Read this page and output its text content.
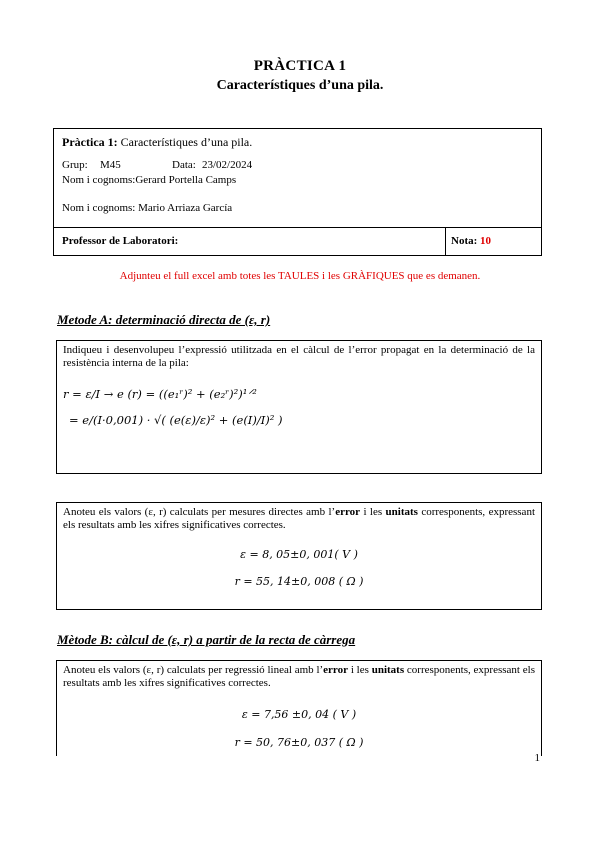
PRÀCTICA 1
Característiques d’una pila.
Pràctica 1: Característiques d’una pila.
Grup: M45	Data: 23/02/2024
Nom i cognoms:Gerard Portella Camps
Nom i cognoms: Mario Arriaza García
Professor de Laboratori:	Nota: 10
Adjunteu el full excel amb totes les TAULES i les GRÀFIQUES que es demanen.
Metode A: determinació directa de (ε, r)
Indiqueu i desenvolupeu l’expressió utilitzada en el càlcul de l’error propagat en la determinació de la resistència interna de la pila:
r = ε/I → e (r) = ((e₁ʳ)² + (e₂ʳ)²)¹ᐟ²
= e/(I·0,001) · √( (e(ε)/ε)² + (e(I)/I)² )
Anoteu els valors (ε, r) calculats per mesures directes amb l’error i les unitats corresponents, expressant els resultats amb les xifres significatives correctes.
ε = 8, 05±0, 001( V )
r = 55, 14±0, 008 ( Ω )
Mètode B: càlcul de (ε, r) a partir de la recta de càrrega
Anoteu els valors (ε, r) calculats per regressió lineal amb l’error i les unitats corresponents, expressant els resultats amb les xifres significatives correctes.
ε = 7,56 ±0, 04 ( V )
r = 50, 76±0, 037 ( Ω )
1
